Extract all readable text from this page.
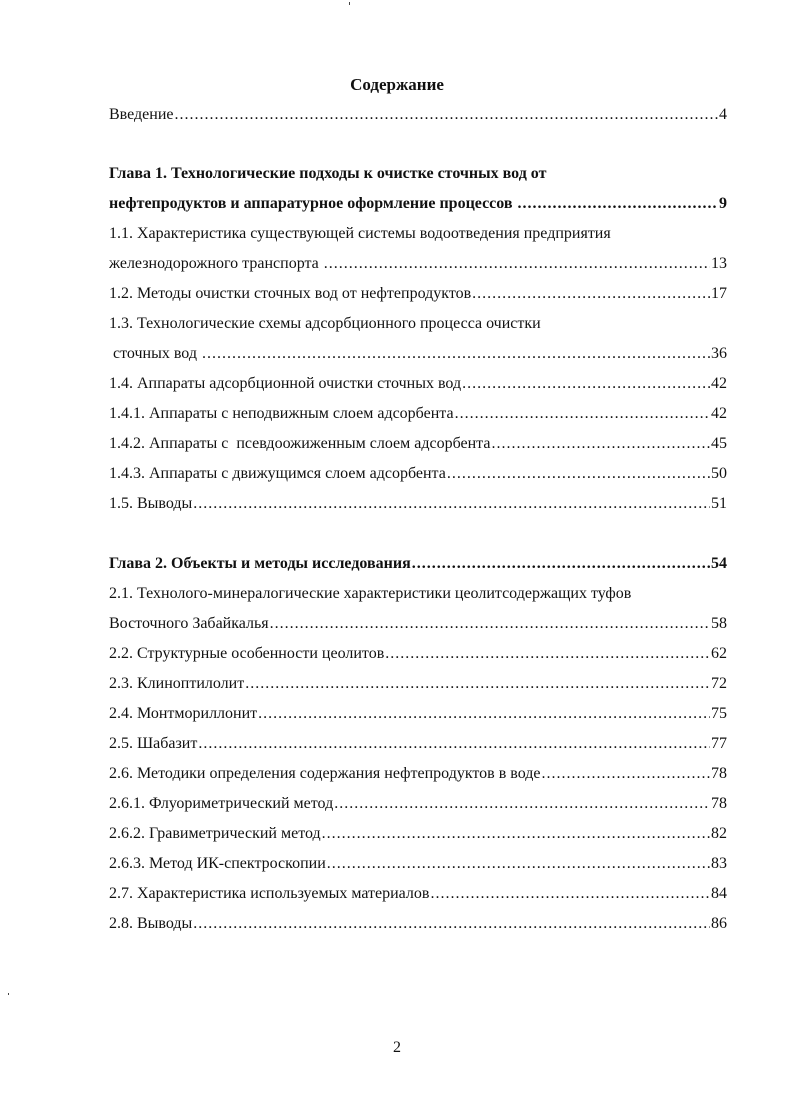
Содержание
Введение .....	4
Глава 1. Технологические подходы к очистке сточных вод от
нефтепродуктов и аппаратурное оформление процессов .....	9
1.1. Характеристика существующей системы водоотведения предприятия
железнодорожного транспорта .....	13
1.2. Методы очистки сточных вод от нефтепродуктов .....	17
1.3. Технологические схемы адсорбционного процесса очистки
сточных вод .....	36
1.4. Аппараты адсорбционной очистки сточных вод .....	42
1.4.1. Аппараты с неподвижным слоем адсорбента .....	42
1.4.2. Аппараты с  псевдоожиженным слоем адсорбента .....	45
1.4.3. Аппараты с движущимся слоем адсорбента .....	50
1.5. Выводы .....	51
Глава 2. Объекты и методы исследования .....	54
2.1. Технолого-минералогические характеристики цеолитсодержащих туфов
Восточного Забайкалья .....	58
2.2. Структурные особенности цеолитов .....	62
2.3. Клиноптилолит .....	72
2.4. Монтмориллонит .....	75
2.5. Шабазит .....	77
2.6. Методики определения содержания нефтепродуктов в воде .....	78
2.6.1. Флуориметрический метод .....	78
2.6.2. Гравиметрический метод .....	82
2.6.3. Метод ИК-спектроскопии .....	83
2.7. Характеристика используемых материалов .....	84
2.8. Выводы .....	86
2
